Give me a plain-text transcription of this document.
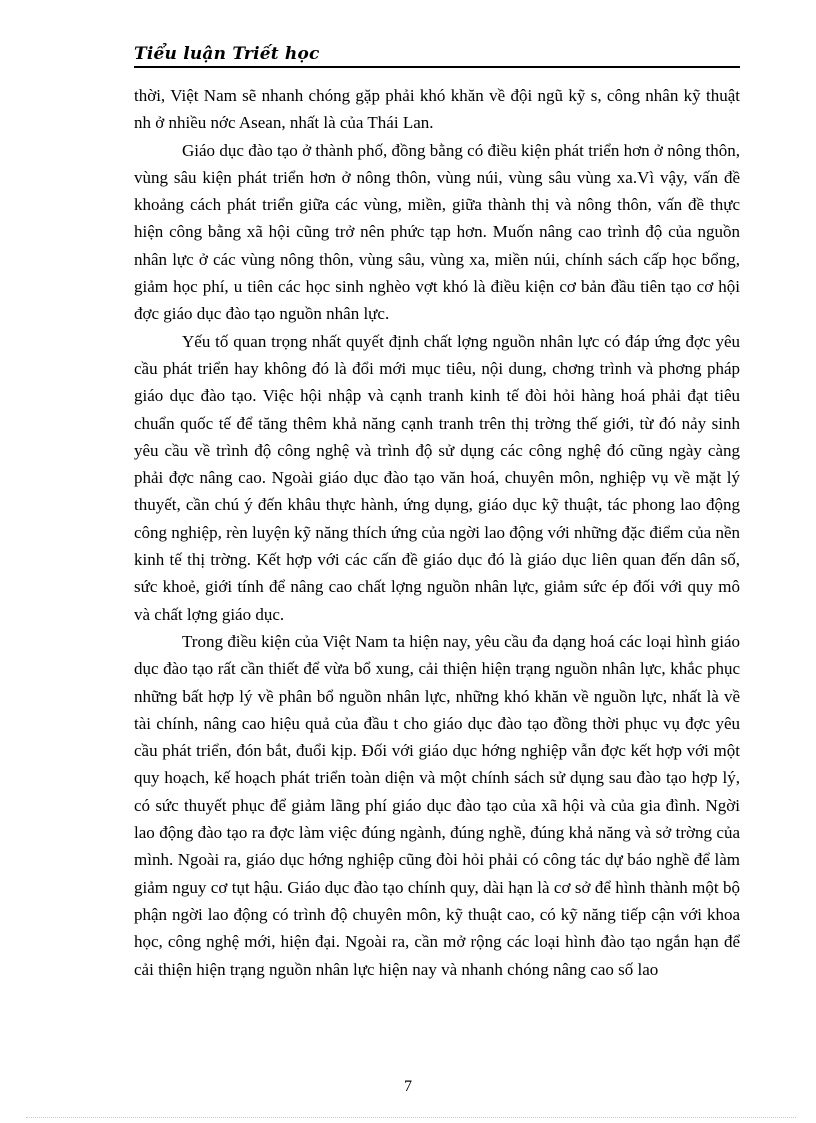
Tiểu luận Triết học

thời, Việt Nam sẽ nhanh chóng gặp phải khó khăn về đội ngũ kỹ s, công nhân kỹ thuật nh ở nhiều nớc Asean, nhất là của Thái Lan.

Giáo dục đào tạo ở thành phố, đồng bằng có điều kiện phát triển hơn ở nông thôn, vùng sâu kiện phát triển hơn ở nông thôn, vùng núi, vùng sâu vùng xa.Vì vậy, vấn đề khoảng cách phát triển giữa các vùng, miền, giữa thành thị và nông thôn, vấn đề thực hiện công bằng xã hội cũng trở nên phức tạp hơn. Muốn nâng cao trình độ của nguồn nhân lực ở các vùng nông thôn, vùng sâu, vùng xa, miền núi, chính sách cấp học bổng, giảm học phí, u tiên các học sinh nghèo vợt khó là điều kiện cơ bản đầu tiên tạo cơ hội đợc giáo dục đào tạo nguồn nhân lực.

Yếu tố quan trọng nhất quyết định chất lợng nguồn nhân lực có đáp ứng đợc yêu cầu phát triển hay không đó là đổi mới mục tiêu, nội dung, chơng trình và phơng pháp giáo dục đào tạo. Việc hội nhập và cạnh tranh kinh tế đòi hỏi hàng hoá phải đạt tiêu chuẩn quốc tế để tăng thêm khả năng cạnh tranh trên thị trờng thế giới, từ đó nảy sinh yêu cầu về trình độ công nghệ và trình độ sử dụng các công nghệ đó cũng ngày càng phải đợc nâng cao. Ngoài giáo dục đào tạo văn hoá, chuyên môn, nghiệp vụ về mặt lý thuyết, cần chú ý đến khâu thực hành, ứng dụng, giáo dục kỹ thuật, tác phong lao động công nghiệp, rèn luyện kỹ năng thích ứng của ngời lao động với những đặc điểm của nền kinh tế thị trờng. Kết hợp với các cấn đề giáo dục đó là giáo dục liên quan đến dân số, sức khoẻ, giới tính để nâng cao chất lợng nguồn nhân lực, giảm sức ép đối với quy mô và chất lợng giáo dục.

Trong điều kiện của Việt Nam ta hiện nay, yêu cầu đa dạng hoá các loại hình giáo dục đào tạo rất cần thiết để vừa bổ xung, cải thiện hiện trạng nguồn nhân lực, khắc phục những bất hợp lý về phân bổ nguồn nhân lực, những khó khăn về nguồn lực, nhất là về tài chính, nâng cao hiệu quả của đầu t cho giáo dục đào tạo đồng thời phục vụ đợc yêu cầu phát triển, đón bắt, đuổi kịp. Đối với giáo dục hớng nghiệp vẫn đợc kết hợp với một quy hoạch, kế hoạch phát triển toàn diện và một chính sách sử dụng sau đào tạo hợp lý, có sức thuyết phục để giảm lãng phí giáo dục đào tạo của xã hội và của gia đình. Ngời lao động đào tạo ra đợc làm việc đúng ngành, đúng nghề, đúng khả năng và sở trờng của mình. Ngoài ra, giáo dục hớng nghiệp cũng đòi hỏi phải có công tác dự báo nghề để làm giảm nguy cơ tụt hậu. Giáo dục đào tạo chính quy, dài hạn là cơ sở để hình thành một bộ phận ngời lao động có trình độ chuyên môn, kỹ thuật cao, có kỹ năng tiếp cận với khoa học, công nghệ mới, hiện đại. Ngoài ra, cần mở rộng các loại hình đào tạo ngắn hạn để cải thiện hiện trạng nguồn nhân lực hiện nay và nhanh chóng nâng cao số lao

7
